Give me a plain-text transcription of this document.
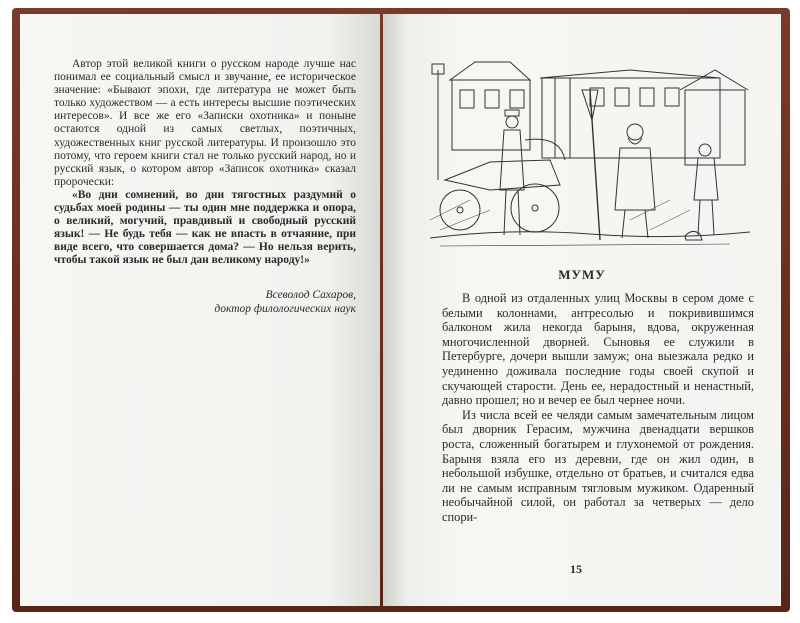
Автор этой великой книги о русском народе лучше нас понимал ее социальный смысл и звучание, ее историческое значение: «Бывают эпохи, где литература не может быть только художеством — а есть интересы высшие поэтических интересов». И все же его «Записки охотника» и поныне остаются одной из самых светлых, поэтичных, художественных книг русской литературы. И произошло это потому, что героем книги стал не только русский народ, но и русский язык, о котором автор «Записок охотника» сказал пророчески:

«Во дни сомнений, во дни тягостных раздумий о судьбах моей родины — ты один мне поддержка и опора, о великий, могучий, правдивый и свободный русский язык! — Не будь тебя — как не впасть в отчаяние, при виде всего, что совершается дома? — Но нельзя верить, чтобы такой язык не был дан великому народу!»

Всеволод Сахаров,
доктор филологических наук
МУМУ

В одной из отдаленных улиц Москвы в сером доме с белыми колоннами, антресолью и покривившимся балконом жила некогда барыня, вдова, окруженная многочисленной дворней. Сыновья ее служили в Петербурге, дочери вышли замуж; она выезжала редко и уединенно доживала последние годы своей скупой и скучающей старости. День ее, нерадостный и ненастный, давно прошел; но и вечер ее был чернее ночи.

Из числа всей ее челяди самым замечательным лицом был дворник Герасим, мужчина двенадцати вершков роста, сложенный богатырем и глухонемой от рождения. Барыня взяла его из деревни, где он жил один, в небольшой избушке, отдельно от братьев, и считался едва ли не самым исправным тягловым мужиком. Одаренный необычайной силой, он работал за четверых — дело спори-

15
